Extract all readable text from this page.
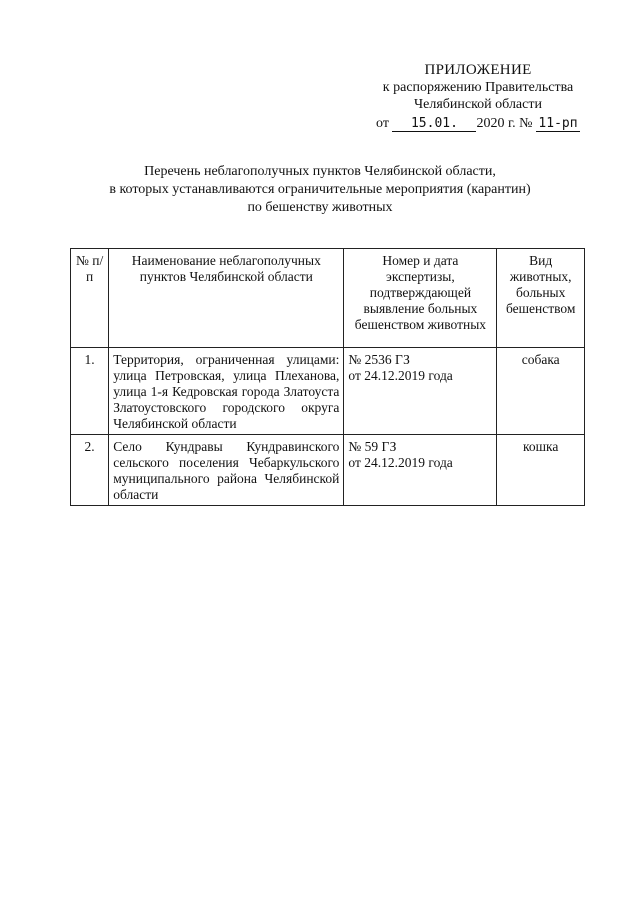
ПРИЛОЖЕНИЕ
к распоряжению Правительства
Челябинской области
от 15.01. 2020 г. № 11-рп
Перечень неблагополучных пунктов Челябинской области,
в которых устанавливаются ограничительные мероприятия (карантин)
по бешенству животных
№ п/п	Наименование неблагополучных пунктов Челябинской области	Номер и дата экспертизы, подтверждающей выявление больных бешенством животных	Вид животных, больных бешенством
1.	Территория, ограниченная улицами: улица Петровская, улица Плеханова, улица 1-я Кедровская города Златоуста Златоустовского городского округа Челябинской области	№ 2536 ГЗ
от 24.12.2019 года	собака
2.	Село Кундравы Кундравинского сельского поселения Чебаркульского муниципального района Челябинской области	№ 59 ГЗ
от 24.12.2019 года	кошка
